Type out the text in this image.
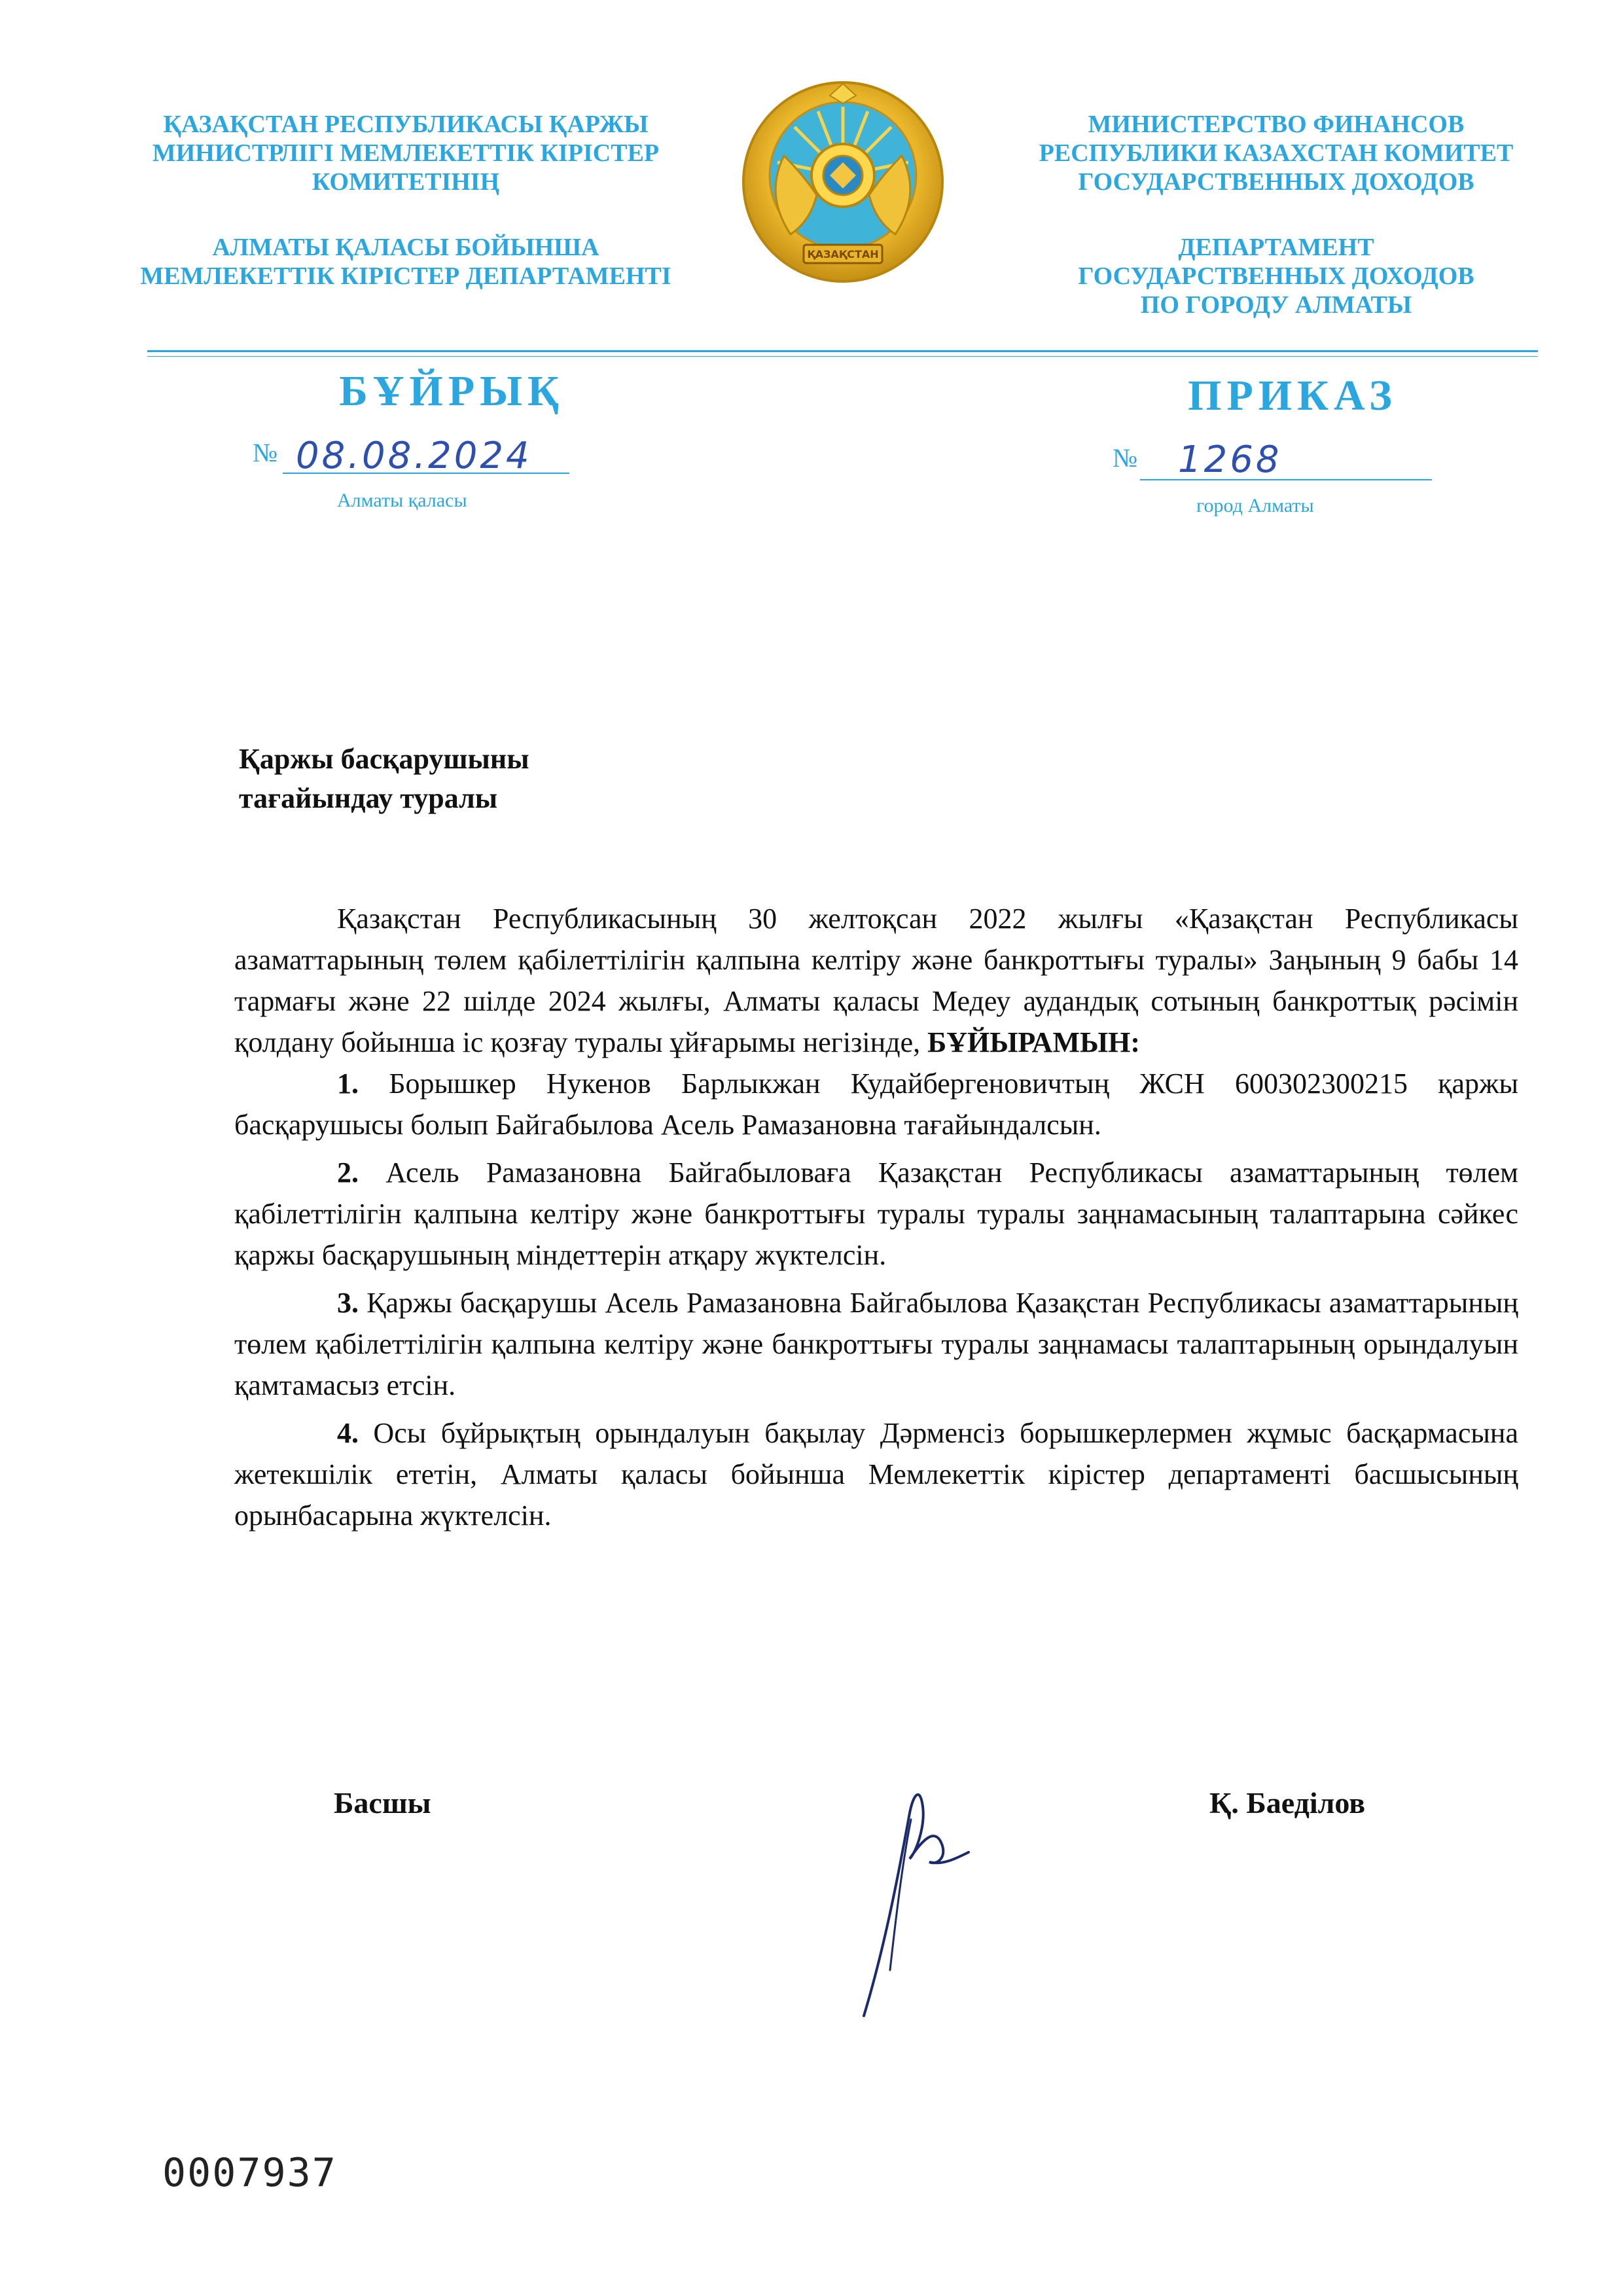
ҚАЗАҚСТАН РЕСПУБЛИКАСЫ ҚАРЖЫ
МИНИСТРЛІГІ МЕМЛЕКЕТТІК КІРІСТЕР
КОМИТЕТІНІҢ
АЛМАТЫ ҚАЛАСЫ БОЙЫНША
МЕМЛЕКЕТТІК КІРІСТЕР ДЕПАРТАМЕНТІ
ҚАЗАҚСТАН
МИНИСТЕРСТВО ФИНАНСОВ
РЕСПУБЛИКИ КАЗАХСТАН КОМИТЕТ
ГОСУДАРСТВЕННЫХ ДОХОДОВ
ДЕПАРТАМЕНТ
ГОСУДАРСТВЕННЫХ ДОХОДОВ
ПО ГОРОДУ АЛМАТЫ
БҰЙРЫҚ	ПРИКАЗ
№ 08.08.2024
Алматы қаласы
№ 1268
город Алматы
Қаржы басқарушыны
тағайындау туралы

Қазақстан Республикасының 30 желтоқсан 2022 жылғы «Қазақстан Республикасы азаматтарының төлем қабілеттілігін қалпына келтіру және банкроттығы туралы» Заңының 9 бабы 14 тармағы және 22 шілде 2024 жылғы, Алматы қаласы Медеу аудандық сотының банкроттық рәсімін қолдану бойынша іс қозғау туралы ұйғарымы негізінде, БҰЙЫРАМЫН:

1. Борышкер Нукенов Барлыкжан Кудайбергеновичтың ЖСН 600302300215 қаржы басқарушысы болып Байгабылова Асель Рамазановна тағайындалсын.

2. Асель Рамазановна Байгабыловаға Қазақстан Республикасы азаматтарының төлем қабілеттілігін қалпына келтіру және банкроттығы туралы туралы заңнамасының талаптарына сәйкес қаржы басқарушының міндеттерін атқару жүктелсін.

3. Қаржы басқарушы Асель Рамазановна Байгабылова Қазақстан Республикасы азаматтарының төлем қабілеттілігін қалпына келтіру және банкроттығы туралы заңнамасы талаптарының орындалуын қамтамасыз етсін.

4. Осы бұйрықтың орындалуын бақылау Дәрменсіз борышкерлермен жұмыс басқармасына жетекшілік ететін, Алматы қаласы бойынша Мемлекеттік кірістер департаменті басшысының орынбасарына жүктелсін.

Басшы	Қ. Баеділов
0007937
